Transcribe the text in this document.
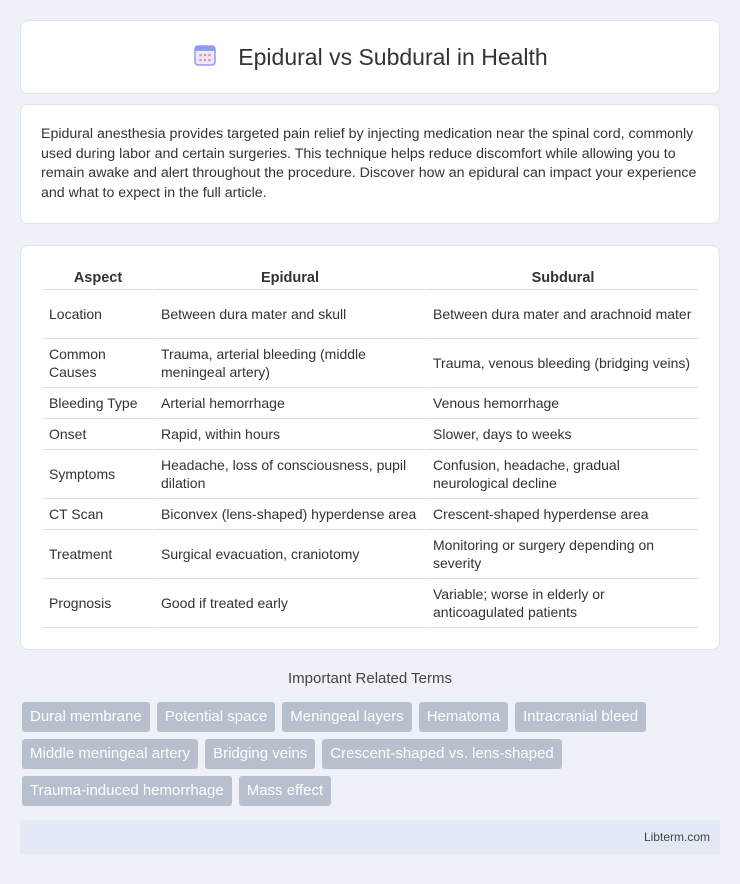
Epidural vs Subdural in Health

Epidural anesthesia provides targeted pain relief by injecting medication near the spinal cord, commonly used during labor and certain surgeries. This technique helps reduce discomfort while allowing you to remain awake and alert throughout the procedure. Discover how an epidural can impact your experience and what to expect in the full article.

Aspect	Epidural	Subdural
Location	Between dura mater and skull	Between dura mater and arachnoid mater
Common Causes	Trauma, arterial bleeding (middle meningeal artery)	Trauma, venous bleeding (bridging veins)
Bleeding Type	Arterial hemorrhage	Venous hemorrhage
Onset	Rapid, within hours	Slower, days to weeks
Symptoms	Headache, loss of consciousness, pupil dilation	Confusion, headache, gradual neurological decline
CT Scan	Biconvex (lens-shaped) hyperdense area	Crescent-shaped hyperdense area
Treatment	Surgical evacuation, craniotomy	Monitoring or surgery depending on severity
Prognosis	Good if treated early	Variable; worse in elderly or anticoagulated patients
Important Related Terms
Dural membrane	Potential space	Meningeal layers	Hematoma	Intracranial bleed
Middle meningeal artery	Bridging veins	Crescent-shaped vs. lens-shaped
Trauma-induced hemorrhage	Mass effect
Libterm.com
